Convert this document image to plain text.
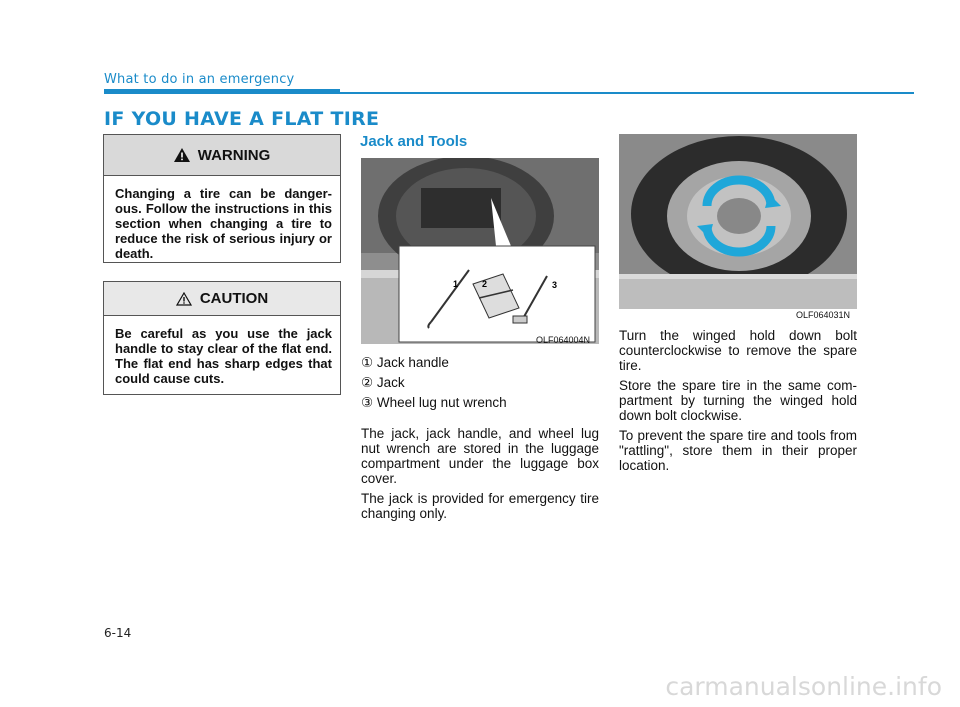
What to do in an emergency
IF YOU HAVE A FLAT TIRE
WARNING
Changing a tire can be danger-ous. Follow the instructions in this section when changing a tire to reduce the risk of serious injury or death.
CAUTION
Be careful as you use the jack handle to stay clear of the flat end. The flat end has sharp edges that could cause cuts.
Jack and Tools
1	2	3
OLF064004N
① Jack handle
② Jack
③ Wheel lug nut wrench

The jack, jack handle, and wheel lug nut wrench are stored in the luggage compartment under the luggage box cover.

The jack is provided for emergency tire changing only.

OLF064031N

Turn the winged hold down bolt counterclockwise to remove the spare tire.

Store the spare tire in the same com-partment by turning the winged hold down bolt clockwise.

To prevent the spare tire and tools from "rattling", store them in their proper location.

6-14
carmanualsonline.info
